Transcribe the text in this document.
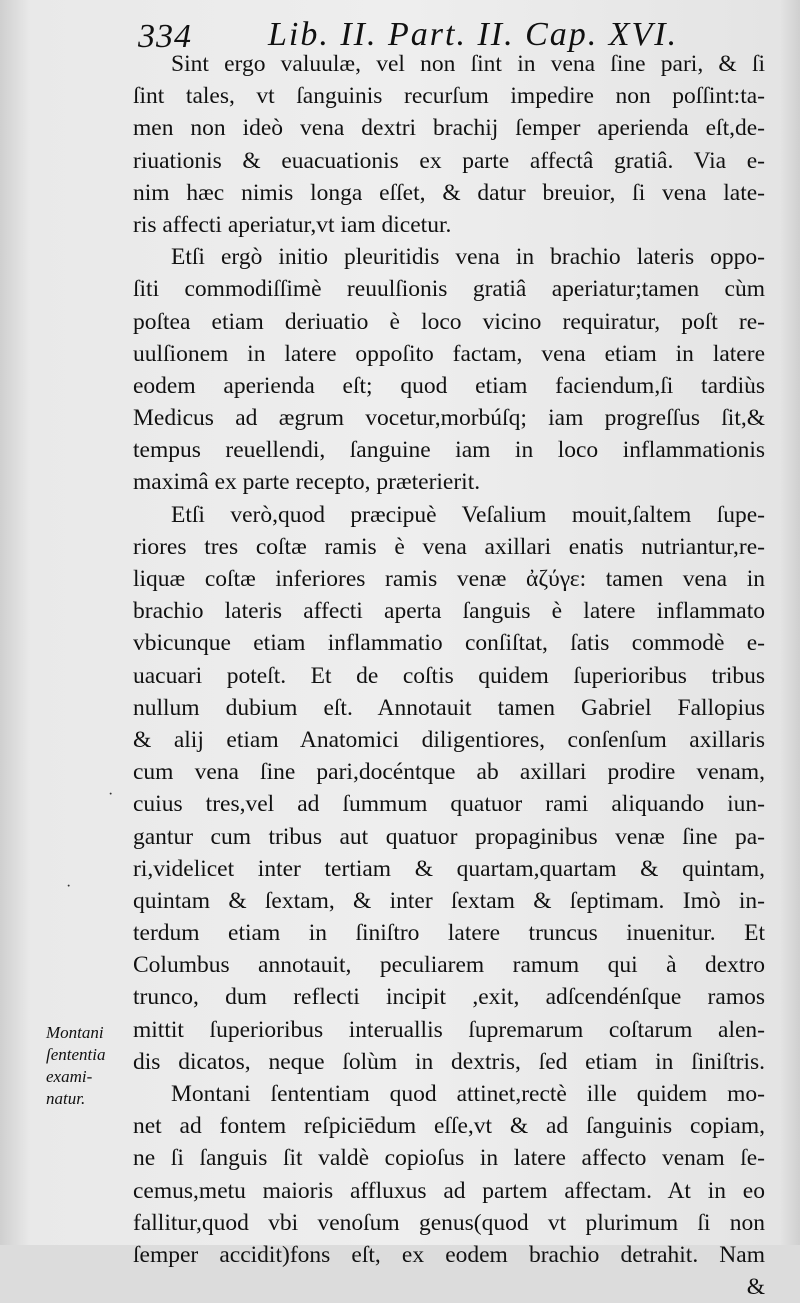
334 Lib. II. Part. II. Cap. XVI.
Sint ergo valuulæ, vel non ſint in vena ſine pari, & ſi
ſint tales, vt ſanguinis recurſum impedire non poſſint:ta-
men non ideò vena dextri brachij ſemper aperienda eſt,de-
riuationis & euacuationis ex parte affectâ gratiâ. Via e-
nim hæc nimis longa eſſet, & datur breuior, ſi vena late-
ris affecti aperiatur,vt iam dicetur.
Etſi ergò initio pleuritidis vena in brachio lateris oppo-
ſiti commodiſſimè reuulſionis gratiâ aperiatur;tamen cùm
poſtea etiam deriuatio è loco vicino requiratur, poſt re-
uulſionem in latere oppoſito factam, vena etiam in latere
eodem aperienda eſt; quod etiam faciendum,ſi tardiùs
Medicus ad ægrum vocetur,morbúſq; iam progreſſus ſit,&
tempus reuellendi, ſanguine iam in loco inflammationis
maximâ ex parte recepto, præterierit.
Etſi verò,quod præcipuè Veſalium mouit,ſaltem ſupe-
riores tres coſtæ ramis è vena axillari enatis nutriantur,re-
liquæ coſtæ inferiores ramis venæ ἀζύγε: tamen vena in
brachio lateris affecti aperta ſanguis è latere inflammato
vbicunque etiam inflammatio conſiſtat, ſatis commodè e-
uacuari poteſt. Et de coſtis quidem ſuperioribus tribus
nullum dubium eſt. Annotauit tamen Gabriel Fallopius
& alij etiam Anatomici diligentiores, conſenſum axillaris
cum vena ſine pari,docéntque ab axillari prodire venam,
cuius tres,vel ad ſummum quatuor rami aliquando iun-
gantur cum tribus aut quatuor propaginibus venæ ſine pa-
ri,videlicet inter tertiam & quartam,quartam & quintam,
quintam & ſextam, & inter ſextam & ſeptimam. Imò in-
terdum etiam in ſiniſtro latere truncus inuenitur. Et
Columbus annotauit, peculiarem ramum qui à dextro
trunco, dum reflecti incipit ,exit, adſcendénſque ramos
mittit ſuperioribus interuallis ſupremarum coſtarum alen-
dis dicatos, neque ſolùm in dextris, ſed etiam in ſiniſtris.
Montani ſententiam quod attinet,rectè ille quidem mo-
net ad fontem reſpiciēdum eſſe,vt & ad ſanguinis copiam,
ne ſi ſanguis ſit valdè copioſus in latere affecto venam ſe-
cemus,metu maioris affluxus ad partem affectam. At in eo
fallitur,quod vbi venoſum genus(quod vt plurimum ſi non
ſemper accidit)fons eſt, ex eodem brachio detrahit. Nam
&
Montani
ſententia
exami-
natur.
·
·
